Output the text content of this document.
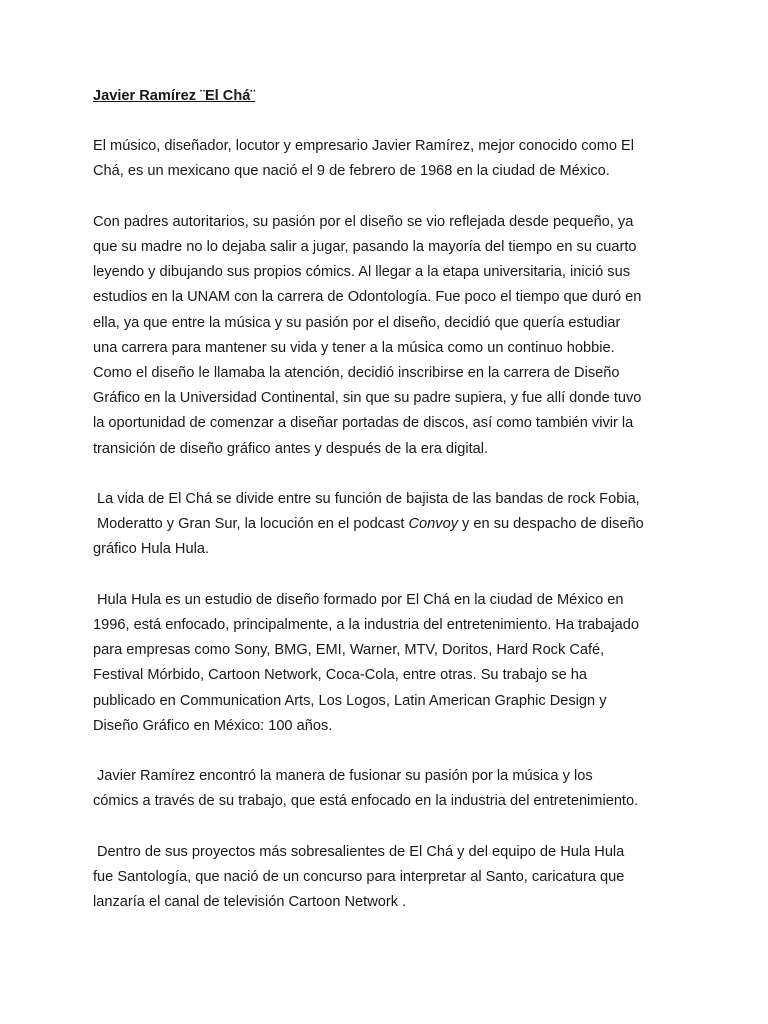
Javier Ramírez ¨El Chá¨
El músico, diseñador, locutor y empresario Javier Ramírez, mejor conocido como El
Chá, es un mexicano que nació el 9 de febrero de 1968 en la ciudad de México.
Con padres autoritarios, su pasión por el diseño se vio reflejada desde pequeño, ya
que su madre no lo dejaba salir a jugar, pasando la mayoría del tiempo en su cuarto
leyendo y dibujando sus propios cómics. Al llegar a la etapa universitaria, inició sus
estudios en la UNAM con la carrera de Odontología. Fue poco el tiempo que duró en
ella, ya que entre la música y su pasión por el diseño, decidió que quería estudiar
una carrera para mantener su vida y tener a la música como un continuo hobbie.
Como el diseño le llamaba la atención, decidió inscribirse en la carrera de Diseño
Gráfico en la Universidad Continental, sin que su padre supiera, y fue allí donde tuvo
la oportunidad de comenzar a diseñar portadas de discos, así como también vivir la
transición de diseño gráfico antes y después de la era digital.
La vida de El Chá se divide entre su función de bajista de las bandas de rock Fobia,
Moderatto y Gran Sur, la locución en el podcast Convoy y en su despacho de diseño
gráfico Hula Hula.
Hula Hula es un estudio de diseño formado por El Chá en la ciudad de México en
1996, está enfocado, principalmente, a la industria del entretenimiento. Ha trabajado
para empresas como Sony, BMG, EMI, Warner, MTV, Doritos, Hard Rock Café,
Festival Mórbido, Cartoon Network, Coca-Cola, entre otras. Su trabajo se ha
publicado en Communication Arts, Los Logos, Latin American Graphic Design y
Diseño Gráfico en México: 100 años.
Javier Ramírez encontró la manera de fusionar su pasión por la música y los
cómics a través de su trabajo, que está enfocado en la industria del entretenimiento.
Dentro de sus proyectos más sobresalientes de El Chá y del equipo de Hula Hula
fue Santología, que nació de un concurso para interpretar al Santo, caricatura que
lanzaría el canal de televisión Cartoon Network .
